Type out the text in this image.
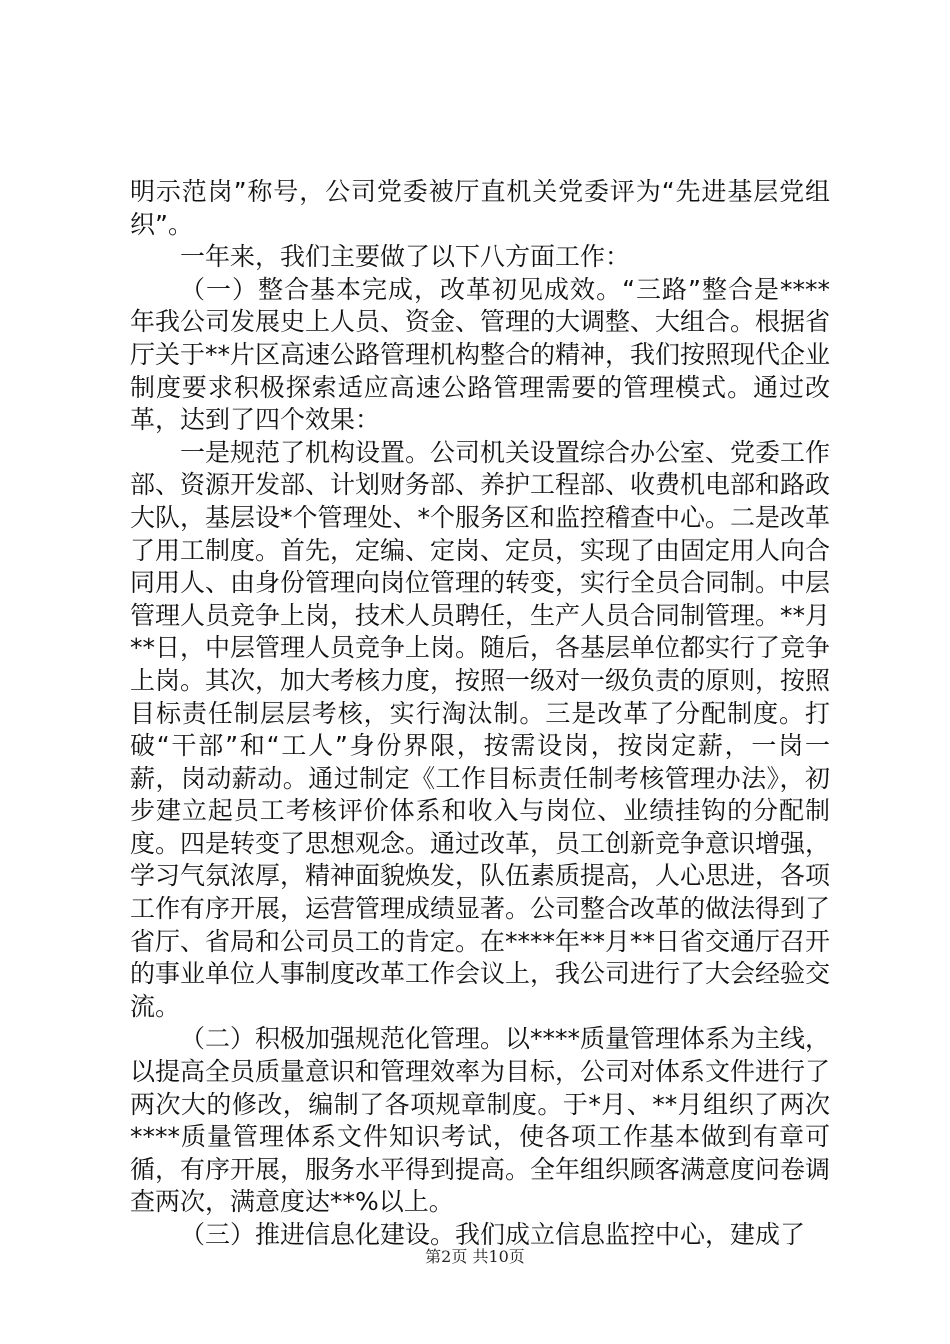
明示范岗”称号，公司党委被厅直机关党委评为“先进基层党组织”。

一年来，我们主要做了以下八方面工作：

（一）整合基本完成，改革初见成效。“三路”整合是****年我公司发展史上人员、资金、管理的大调整、大组合。根据省厅关于**片区高速公路管理机构整合的精神，我们按照现代企业制度要求积极探索适应高速公路管理需要的管理模式。通过改革，达到了四个效果：

一是规范了机构设置。公司机关设置综合办公室、党委工作部、资源开发部、计划财务部、养护工程部、收费机电部和路政大队，基层设*个管理处、*个服务区和监控稽查中心。二是改革了用工制度。首先，定编、定岗、定员，实现了由固定用人向合同用人、由身份管理向岗位管理的转变，实行全员合同制。中层管理人员竞争上岗，技术人员聘任，生产人员合同制管理。**月**日，中层管理人员竞争上岗。随后，各基层单位都实行了竞争上岗。其次，加大考核力度，按照一级对一级负责的原则，按照目标责任制层层考核，实行淘汰制。三是改革了分配制度。打破“干部”和“工人”身份界限，按需设岗，按岗定薪，一岗一薪，岗动薪动。通过制定《工作目标责任制考核管理办法》，初步建立起员工考核评价体系和收入与岗位、业绩挂钩的分配制度。四是转变了思想观念。通过改革，员工创新竞争意识增强，学习气氛浓厚，精神面貌焕发，队伍素质提高，人心思进，各项工作有序开展，运营管理成绩显著。公司整合改革的做法得到了省厅、省局和公司员工的肯定。在****年**月**日省交通厅召开的事业单位人事制度改革工作会议上，我公司进行了大会经验交流。

（二）积极加强规范化管理。以****质量管理体系为主线，以提高全员质量意识和管理效率为目标，公司对体系文件进行了两次大的修改，编制了各项规章制度。于*月、**月组织了两次****质量管理体系文件知识考试，使各项工作基本做到有章可循，有序开展，服务水平得到提高。全年组织顾客满意度问卷调查两次，满意度达**%以上。

（三）推进信息化建设。我们成立信息监控中心，建成了

第2页 共10页
